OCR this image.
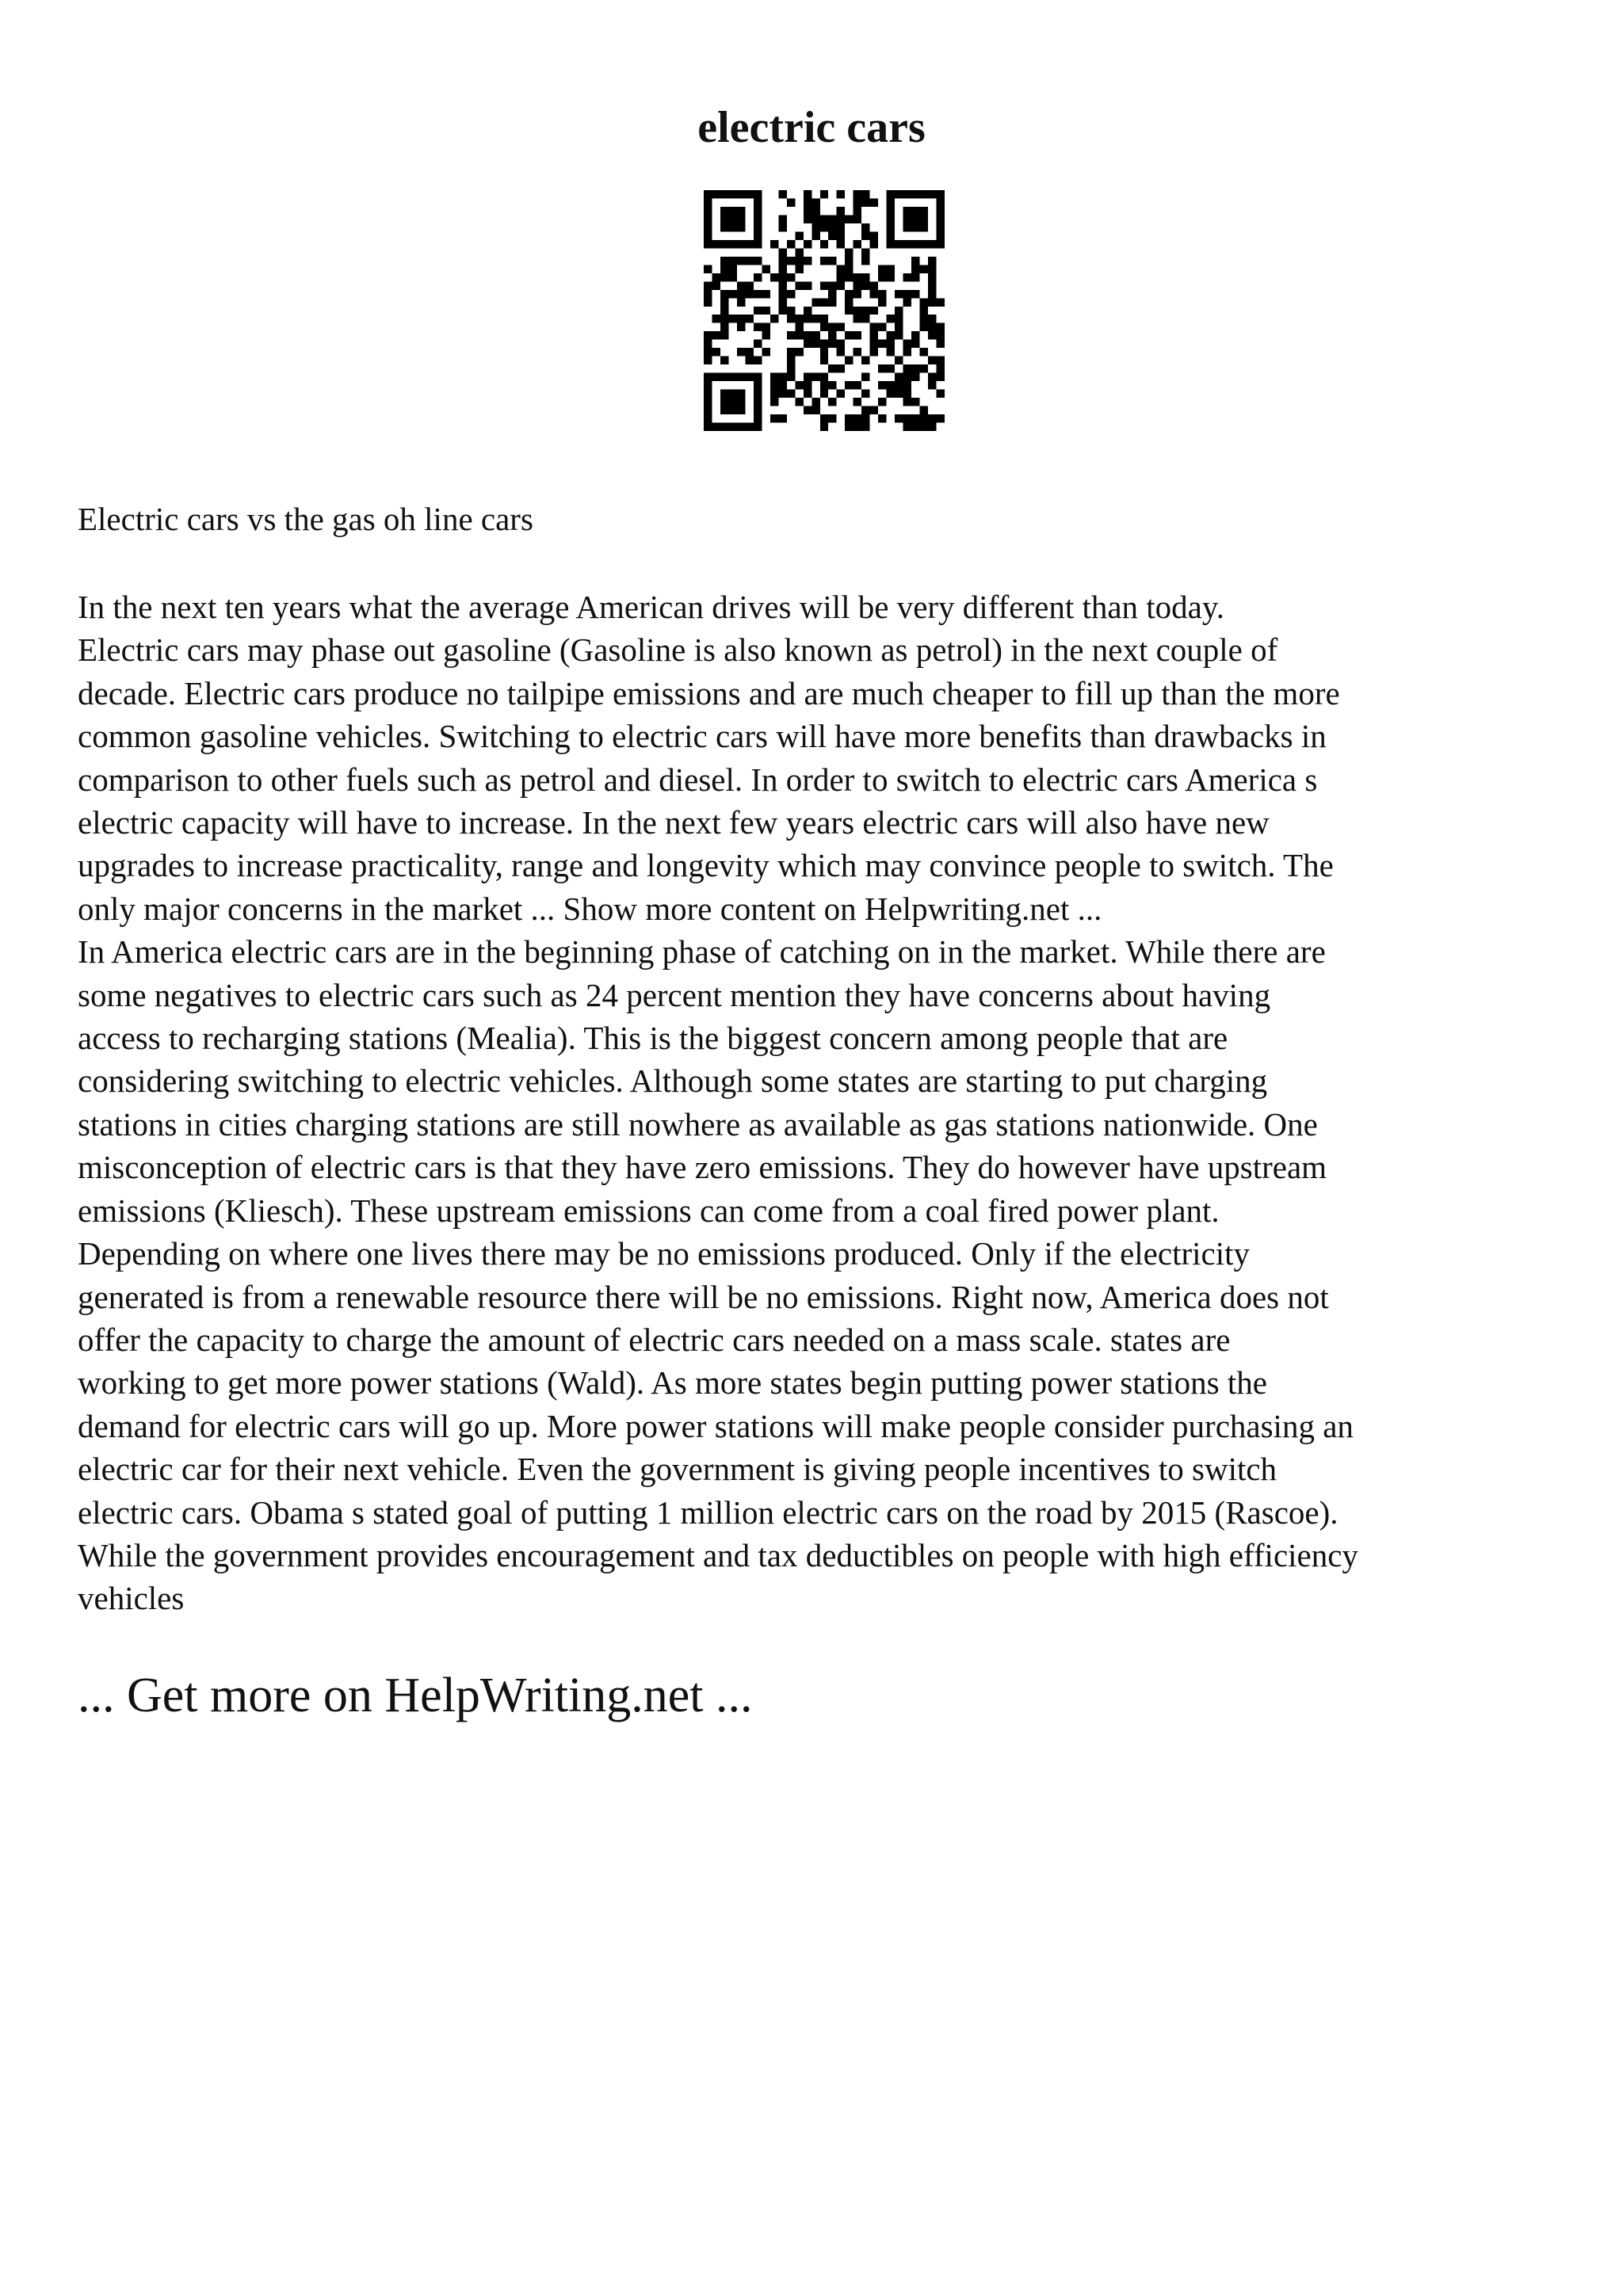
electric cars

Electric cars vs the gas oh line cars

In the next ten years what the average American drives will be very different than today.
Electric cars may phase out gasoline (Gasoline is also known as petrol) in the next couple of
decade. Electric cars produce no tailpipe emissions and are much cheaper to fill up than the more
common gasoline vehicles. Switching to electric cars will have more benefits than drawbacks in
comparison to other fuels such as petrol and diesel. In order to switch to electric cars America s
electric capacity will have to increase. In the next few years electric cars will also have new
upgrades to increase practicality, range and longevity which may convince people to switch. The
only major concerns in the market ... Show more content on Helpwriting.net ...

In America electric cars are in the beginning phase of catching on in the market. While there are
some negatives to electric cars such as 24 percent mention they have concerns about having
access to recharging stations (Mealia). This is the biggest concern among people that are
considering switching to electric vehicles. Although some states are starting to put charging
stations in cities charging stations are still nowhere as available as gas stations nationwide. One
misconception of electric cars is that they have zero emissions. They do however have upstream
emissions (Kliesch). These upstream emissions can come from a coal fired power plant.
Depending on where one lives there may be no emissions produced. Only if the electricity
generated is from a renewable resource there will be no emissions. Right now, America does not
offer the capacity to charge the amount of electric cars needed on a mass scale. states are
working to get more power stations (Wald). As more states begin putting power stations the
demand for electric cars will go up. More power stations will make people consider purchasing an
electric car for their next vehicle. Even the government is giving people incentives to switch
electric cars. Obama s stated goal of putting 1 million electric cars on the road by 2015 (Rascoe).
While the government provides encouragement and tax deductibles on people with high efficiency
vehicles

... Get more on HelpWriting.net ...
